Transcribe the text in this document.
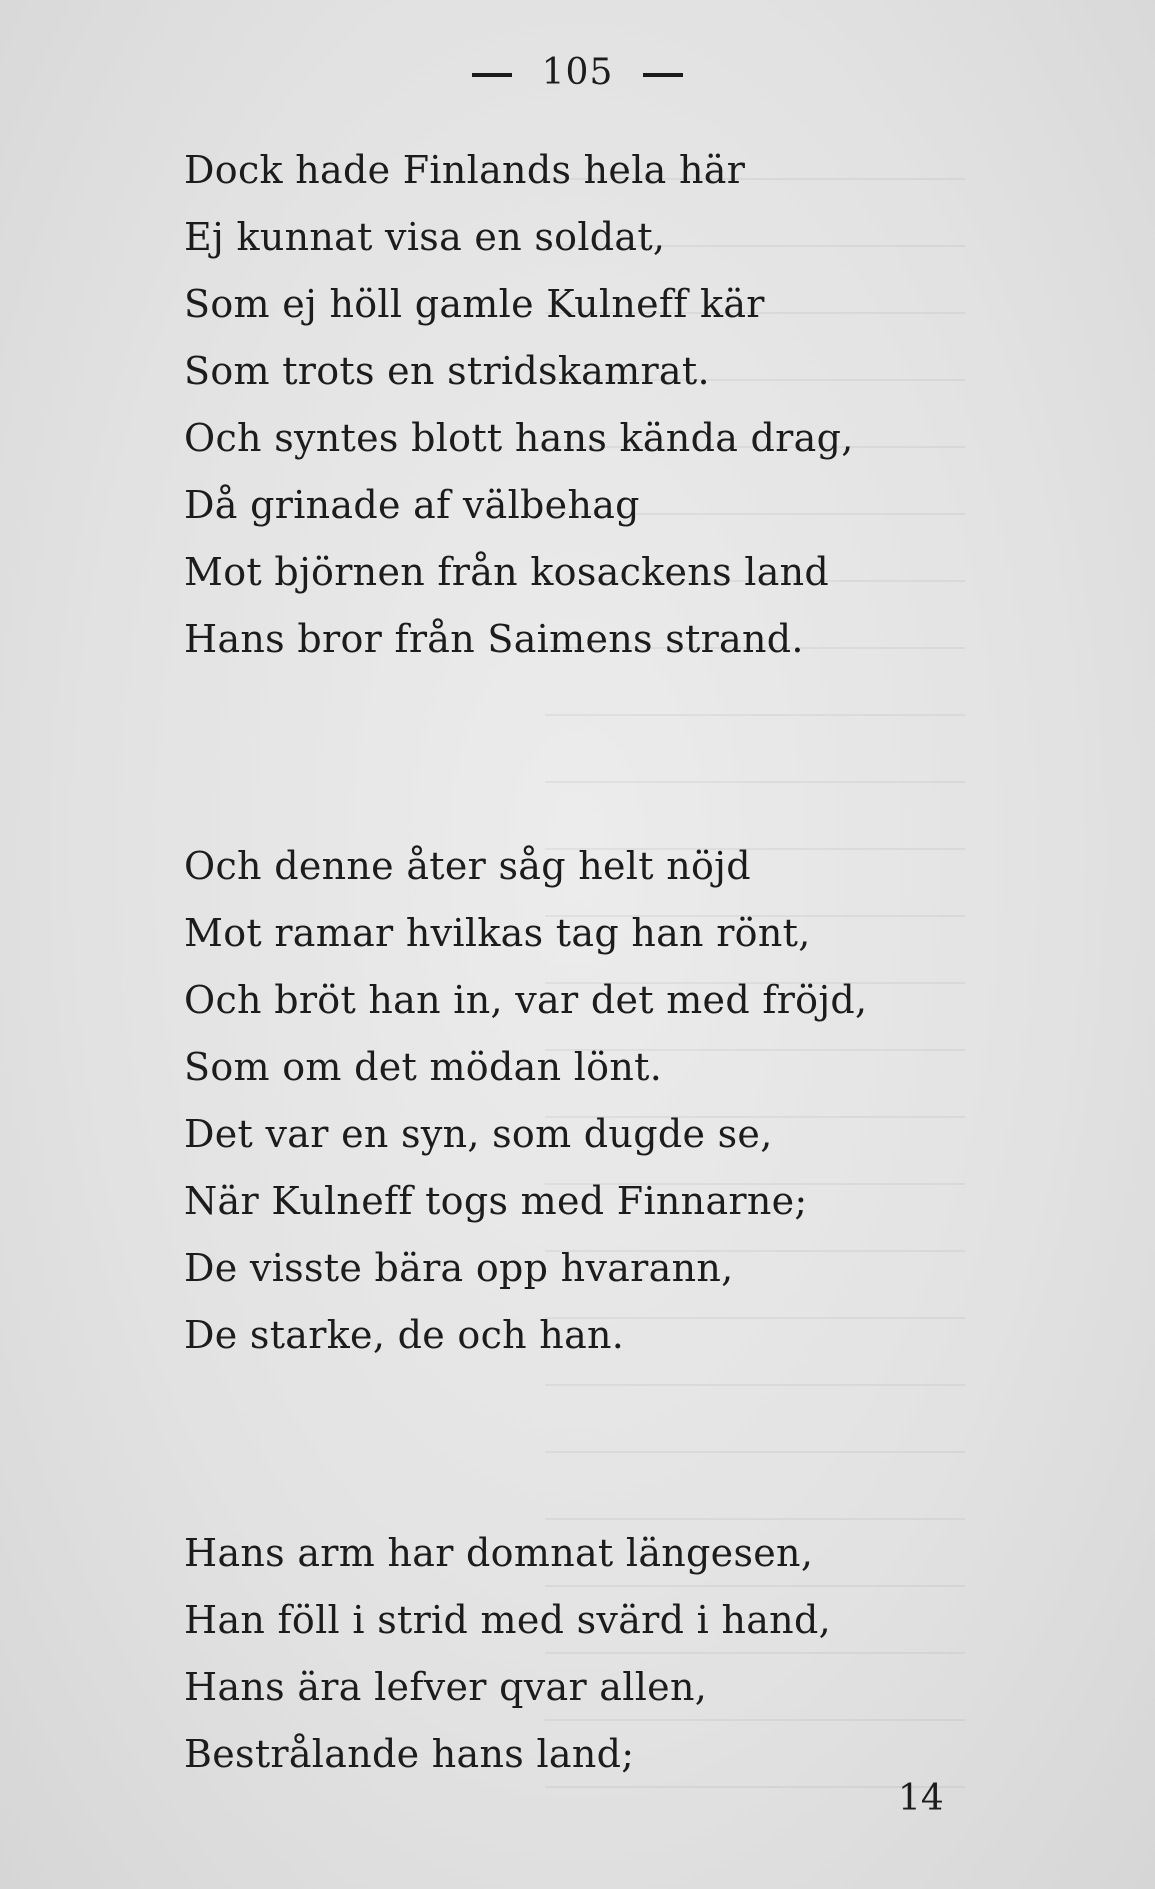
105
Dock hade Finlands hela här
Ej kunnat visa en soldat,
Som ej höll gamle Kulneff kär
Som trots en stridskamrat.
Och syntes blott hans kända drag,
Då grinade af välbehag
Mot björnen från kosackens land
Hans bror från Saimens strand.
Och denne åter såg helt nöjd
Mot ramar hvilkas tag han rönt,
Och bröt han in, var det med fröjd,
Som om det mödan lönt.
Det var en syn, som dugde se,
När Kulneff togs med Finnarne;
De visste bära opp hvarann,
De starke, de och han.
Hans arm har domnat längesen,
Han föll i strid med svärd i hand,
Hans ära lefver qvar allen,
Bestrålande hans land;
14
